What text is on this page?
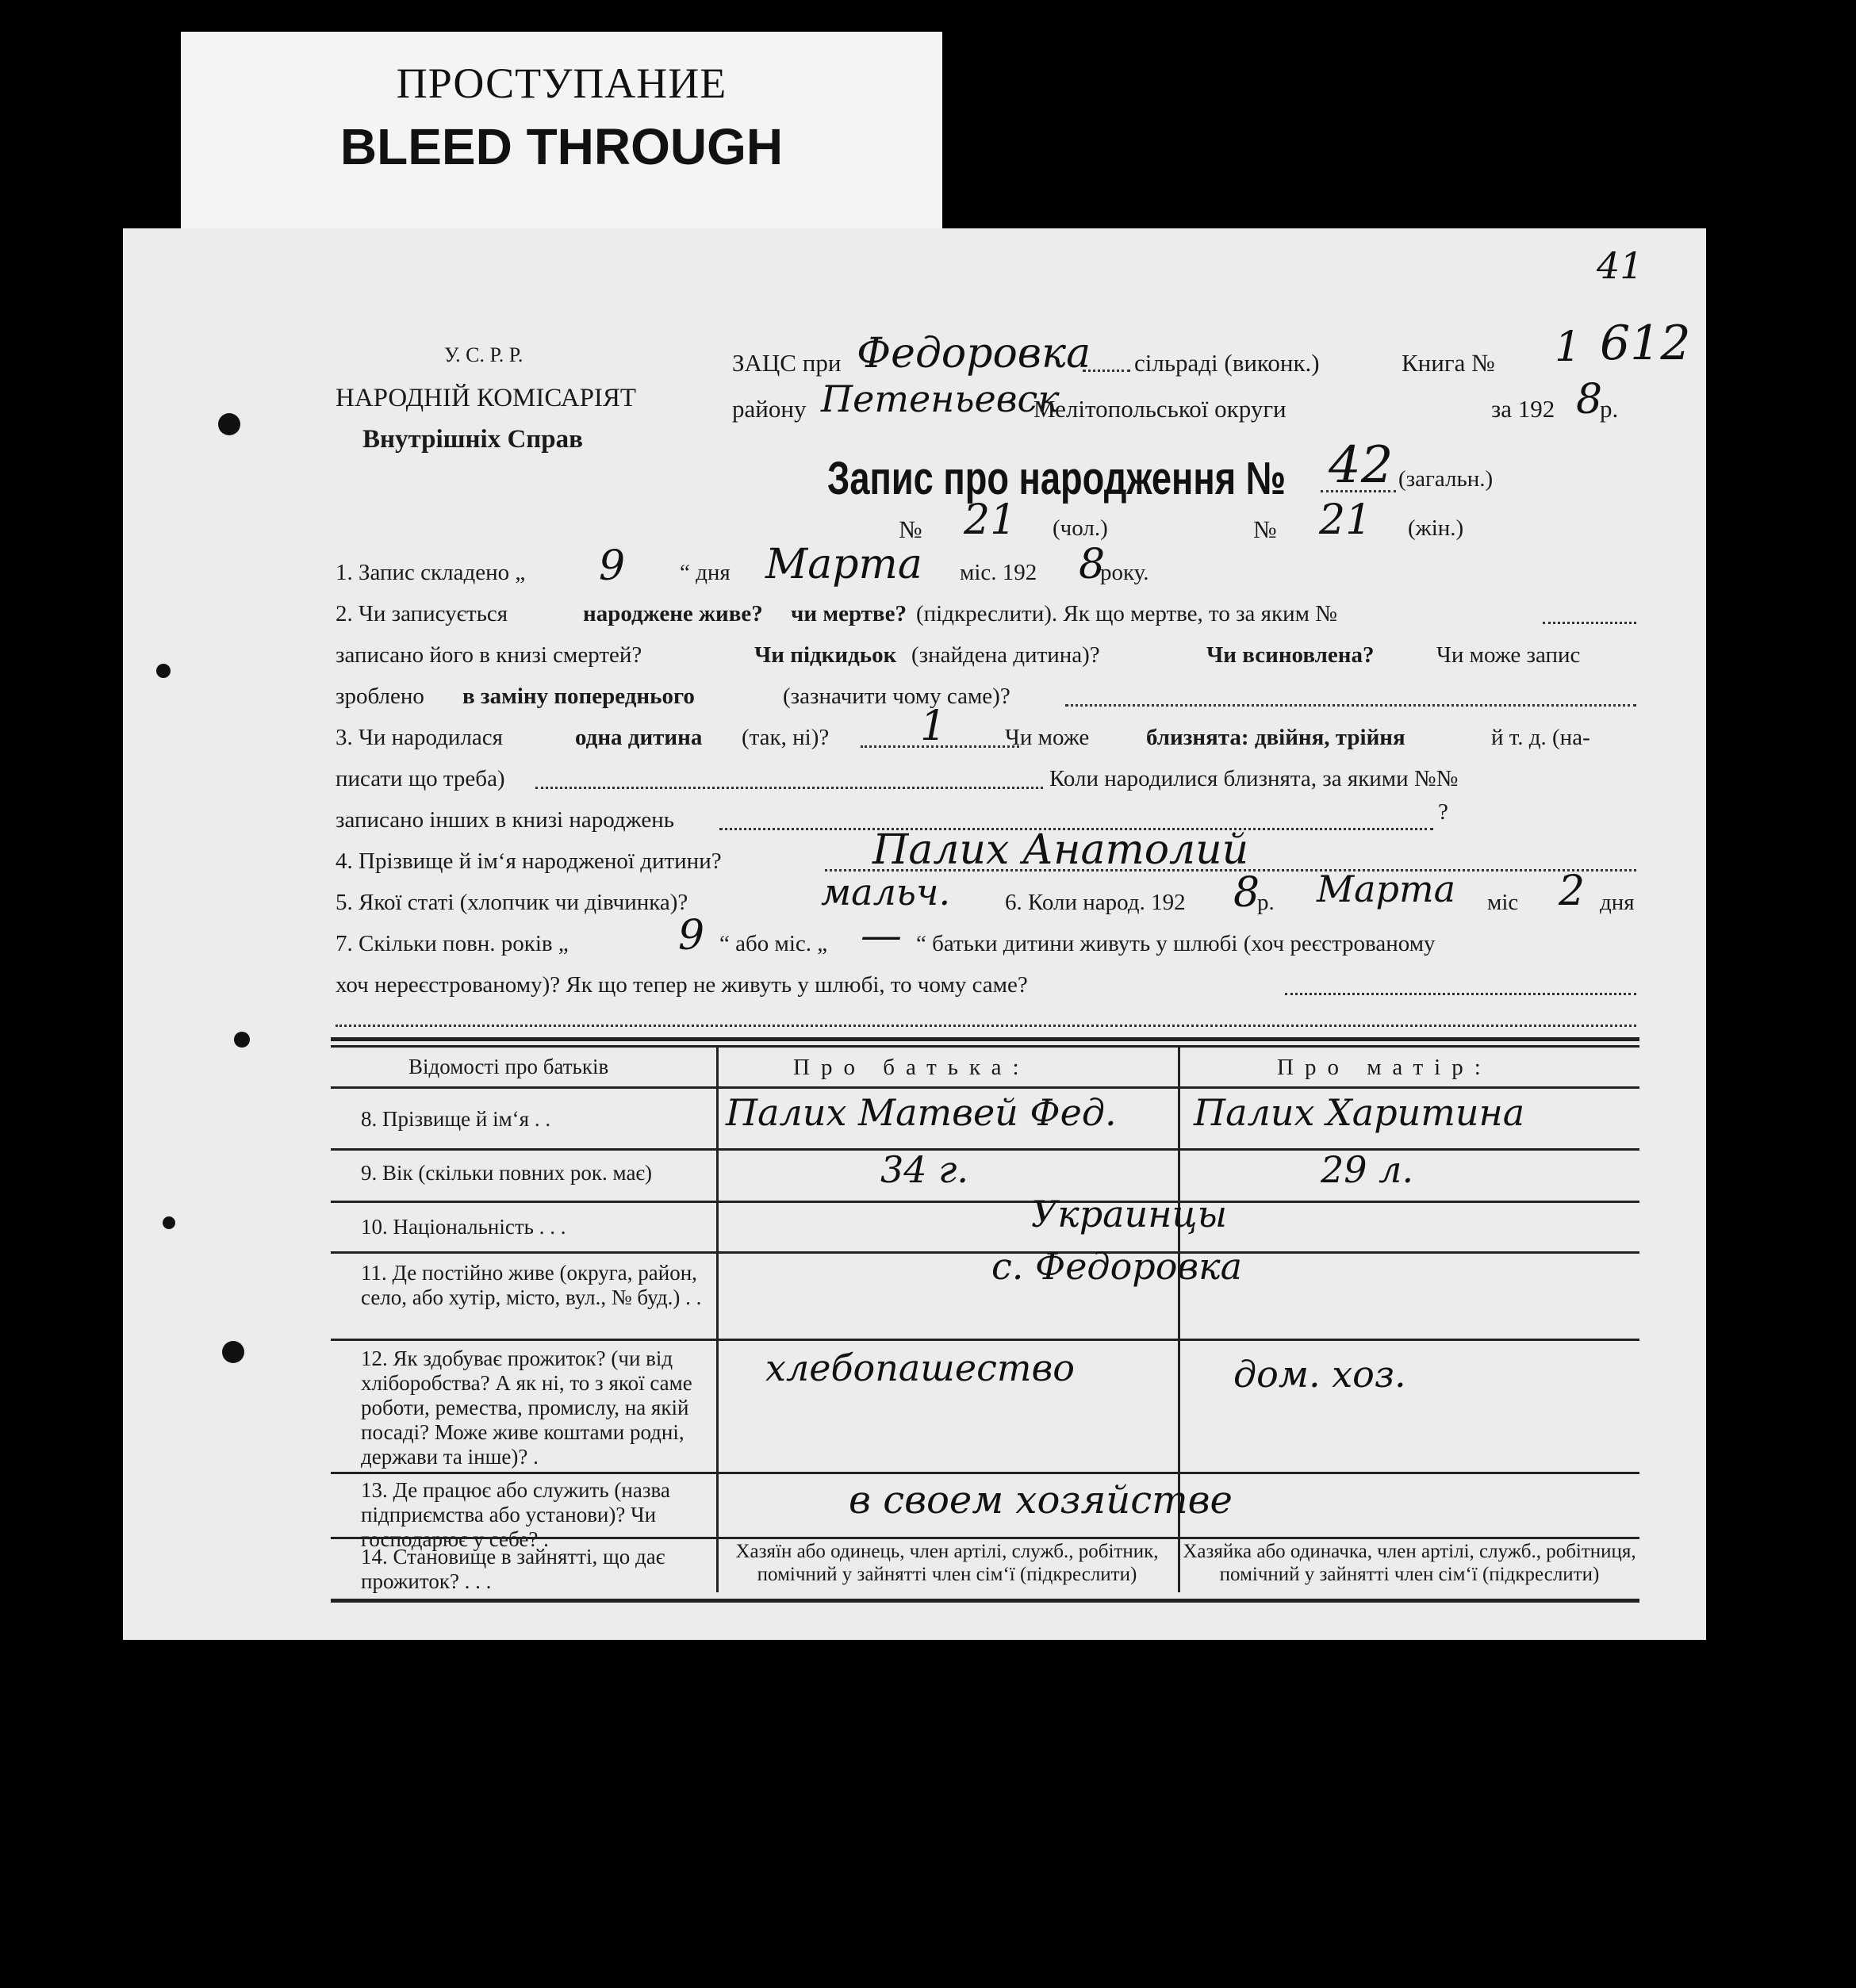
ПРОСТУПАНИЕ
BLEED THROUGH
41
У. С. Р. Р.
НАРОДНІЙ КОМІСАРІЯТ
Внутрішніх Справ
ЗАЦС при Федоровка сільраді (виконк.)	Книга № 1 612
району Петеньевск
Мелітопольської округи	за 192 8
р.
Запис про народження № 42 (загальн.)
№ 21 (чол.)	№ 21 (жін.)
1. Запис складено „ 9 “ дня Марта міс. 192 8
року.
2. Чи записується	народжене живе? чи мертве? (підкреслити). Як що мертве, то за яким №
записано його в книзі смертей?	Чи підкидьок (знайдена дитина)?	Чи всиновлена?	Чи може запис
зроблено в заміну попереднього	(зазначити чому саме)?
3. Чи народилася	одна дитина (так, ні)? 1	Чи може близнята: двійня, трійня	й т. д. (на-
писати що треба)	Коли народилися близнята, за якими №№
записано інших в книзі народжень	?
4. Прізвище й ім‘я народженої дитини?	Палих Анатолий
5. Якої статі (хлопчик чи дівчинка)?	мальч. 6. Коли народ. 192 8
р. Марта міс 2 дня
7. Скільки повн. років „	9 “ або міс. „ — “ батьки дитини живуть у шлюбі (хоч реєстрованому
хоч нереєстрованому)? Як що тепер не живуть у шлюбі, то чому саме?
Відомості про батьків	Про батька:	Про матір:
8. Прізвище й ім‘я . .	Палих Матвей Фед. Палих Харитина
9. Вік (скільки повних рок. має)	34 г.	29 л.
10. Національність . . .	Украинцы
11. Де постійно живе (округа, район, село, або хутір, місто, вул., № буд.) . .
с. Федоровка
12. Як здобуває прожиток? (чи від хліборобства? А як ні, то з якої саме роботи, ремества, промислу, на якій посаді? Може живе коштами родні, держави та інше)? .
хлебопашество	дом. хоз.
13. Де працює або служить (назва підприємства або установи)? Чи господарює у себе? .
в своем хозяйстве
14. Становище в зайнятті, що дає прожиток? . . .
Хазяїн або одинець, член артілі, служб., робітник, помічний у зайнятті член сім‘ї (підкреслити)
Хазяйка або одиначка, член артілі, служб., робітниця, помічний у зайнятті член сім‘ї (підкреслити)
